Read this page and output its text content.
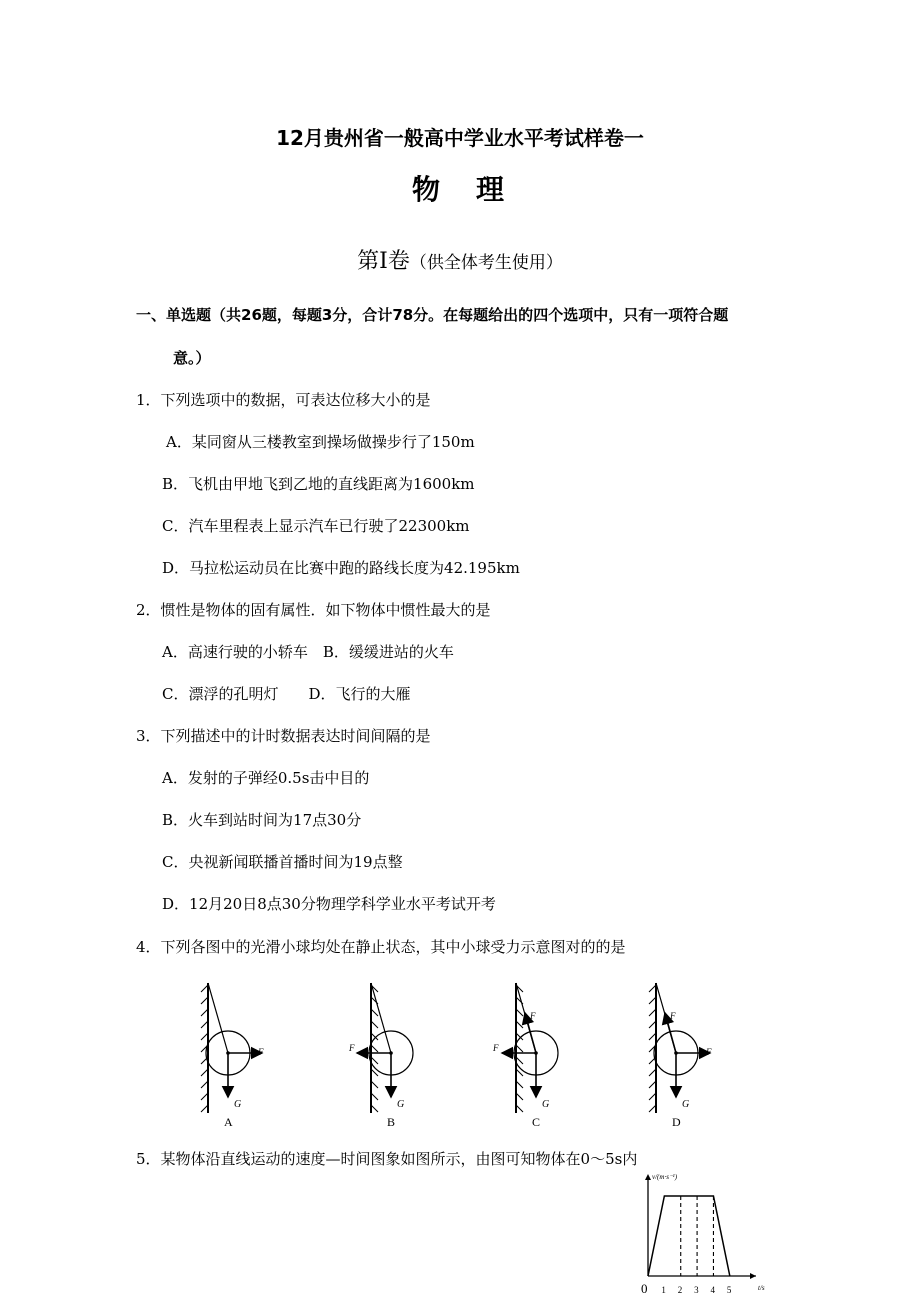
12月贵州省一般高中学业水平考试样卷一
物　理
第Ⅰ卷（供全体考生使用）
一、单选题（共26题，每题3分，合计78分。在每题给出的四个选项中，只有一项符合题
意。）
1．下列选项中的数据，可表达位移大小的是
A．某同窗从三楼教室到操场做操步行了150m
B．飞机由甲地飞到乙地的直线距离为1600km
C．汽车里程表上显示汽车已行驶了22300km
D．马拉松运动员在比赛中跑的路线长度为42.195km
2．惯性是物体的固有属性．如下物体中惯性最大的是
A．高速行驶的小轿车　B．缓缓进站的火车
C．漂浮的孔明灯　　D．飞行的大雁
3．下列描述中的计时数据表达时间间隔的是
A．发射的子弹经0.5s击中目的
B．火车到站时间为17点30分
C．央视新闻联播首播时间为19点整
D．12月20日8点30分物理学科学业水平考试开考
4．下列各图中的光滑小球均处在静止状态，其中小球受力示意图对的的是
F
G
A
F
G
B
F
F
G
C
F
F
G
D
5．某物体沿直线运动的速度—时间图象如图所示，由图可知物体在0～5s内
v/(m·s⁻¹)
t/s
0 1 2 3 4 5
